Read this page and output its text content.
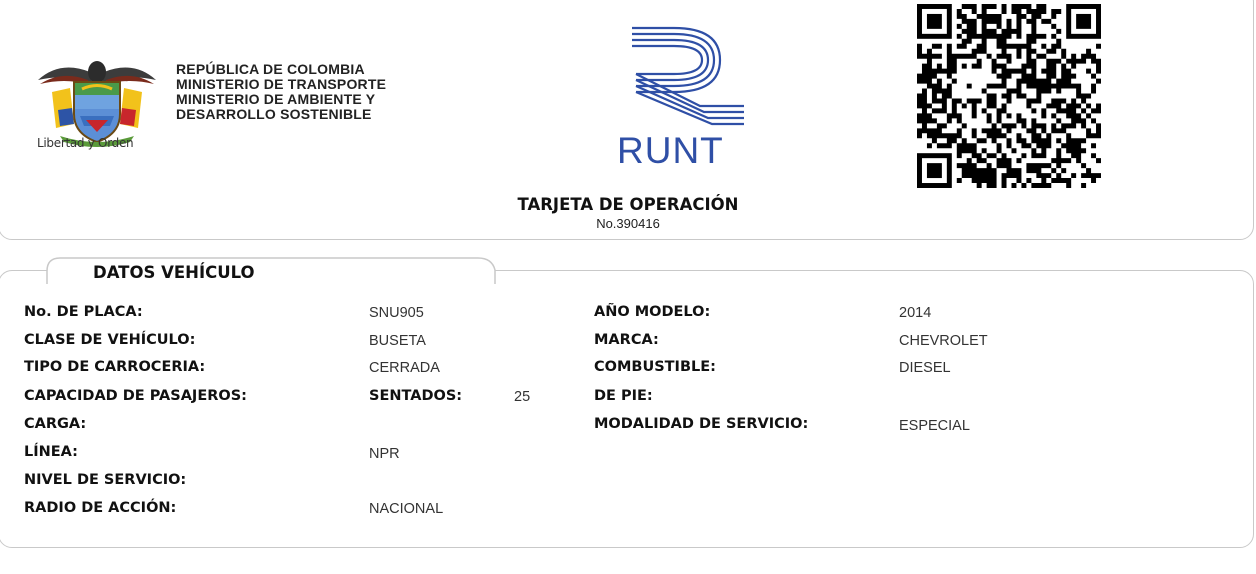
Libertad y Orden
REPÚBLICA DE COLOMBIA
MINISTERIO DE TRANSPORTE
MINISTERIO DE AMBIENTE Y
DESARROLLO SOSTENIBLE
RUNT
TARJETA DE OPERACIÓN
No.390416
DATOS VEHÍCULO
No. DE PLACA:	SNU905
CLASE DE VEHÍCULO:	BUSETA
TIPO DE CARROCERIA:	CERRADA
CAPACIDAD DE PASAJEROS:	SENTADOS:	25
CARGA:
LÍNEA:	NPR
NIVEL DE SERVICIO:
RADIO DE ACCIÓN:	NACIONAL
AÑO MODELO:	2014
MARCA:	CHEVROLET
COMBUSTIBLE:	DIESEL
DE PIE:
MODALIDAD DE SERVICIO:	ESPECIAL
